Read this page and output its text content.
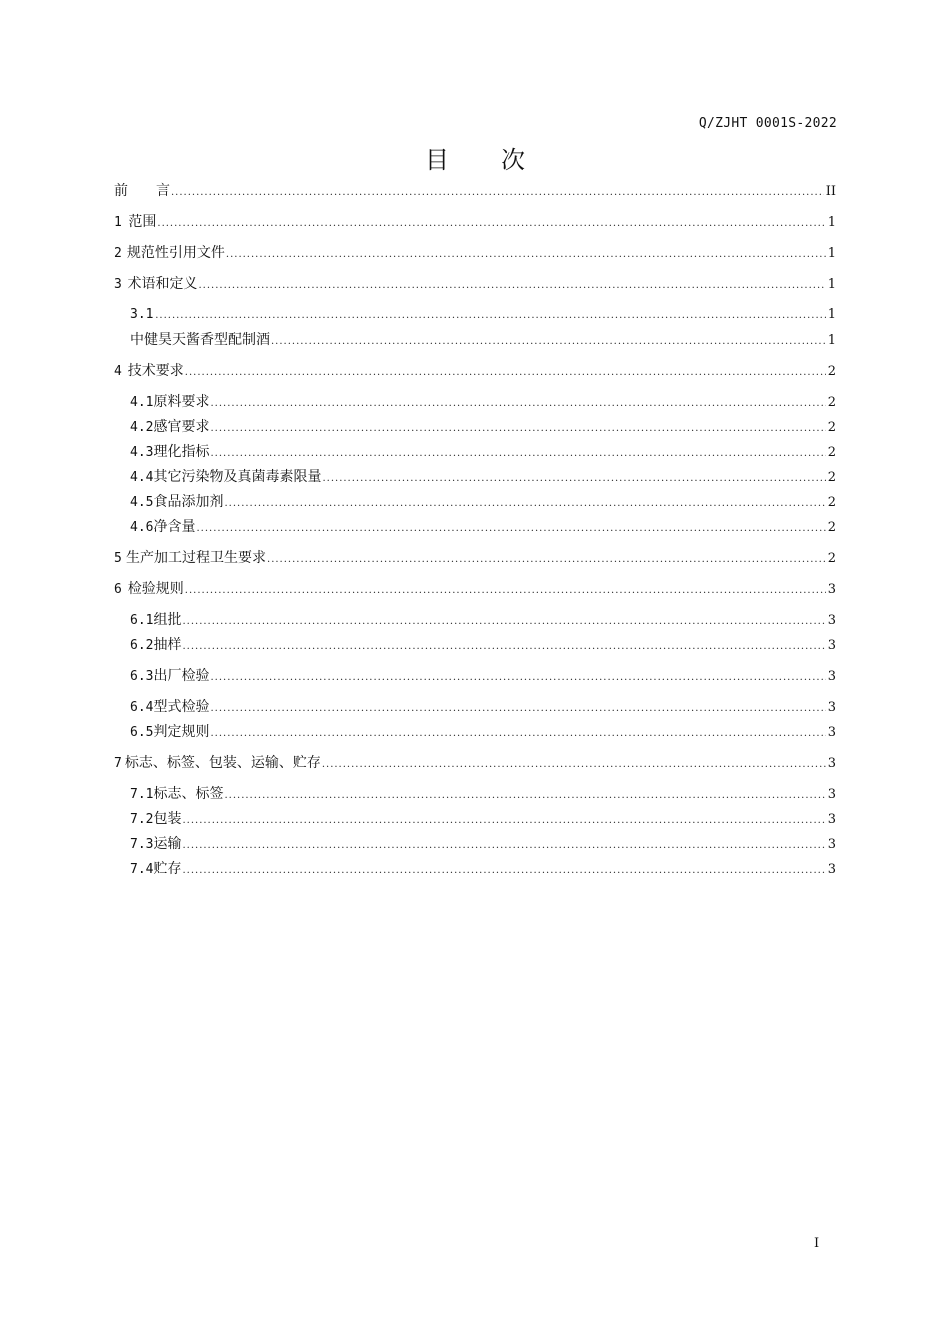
Q/ZJHT 0001S-2022
目 次
前　　言 .....	II
1 范围 .....	1
2 规范性引用文件 .....	1
3 术语和定义 .....	1
3.1 .....	1
中健昊天酱香型配制酒 .....	1
4 技术要求 .....	2
4.1 原料要求 .....	2
4.2 感官要求 .....	2
4.3 理化指标 .....	2
4.4 其它污染物及真菌毒素限量 .....	2
4.5 食品添加剂 .....	2
4.6 净含量 .....	2
5 生产加工过程卫生要求 .....	2
6 检验规则 .....	3
6.1 组批 .....	3
6.2 抽样 .....	3
6.3 出厂检验 .....	3
6.4 型式检验 .....	3
6.5 判定规则 .....	3
7 标志、标签、包装、运输、贮存 .....	3
7.1 标志、标签 .....	3
7.2 包装 .....	3
7.3 运输 .....	3
7.4 贮存 .....	3
I
